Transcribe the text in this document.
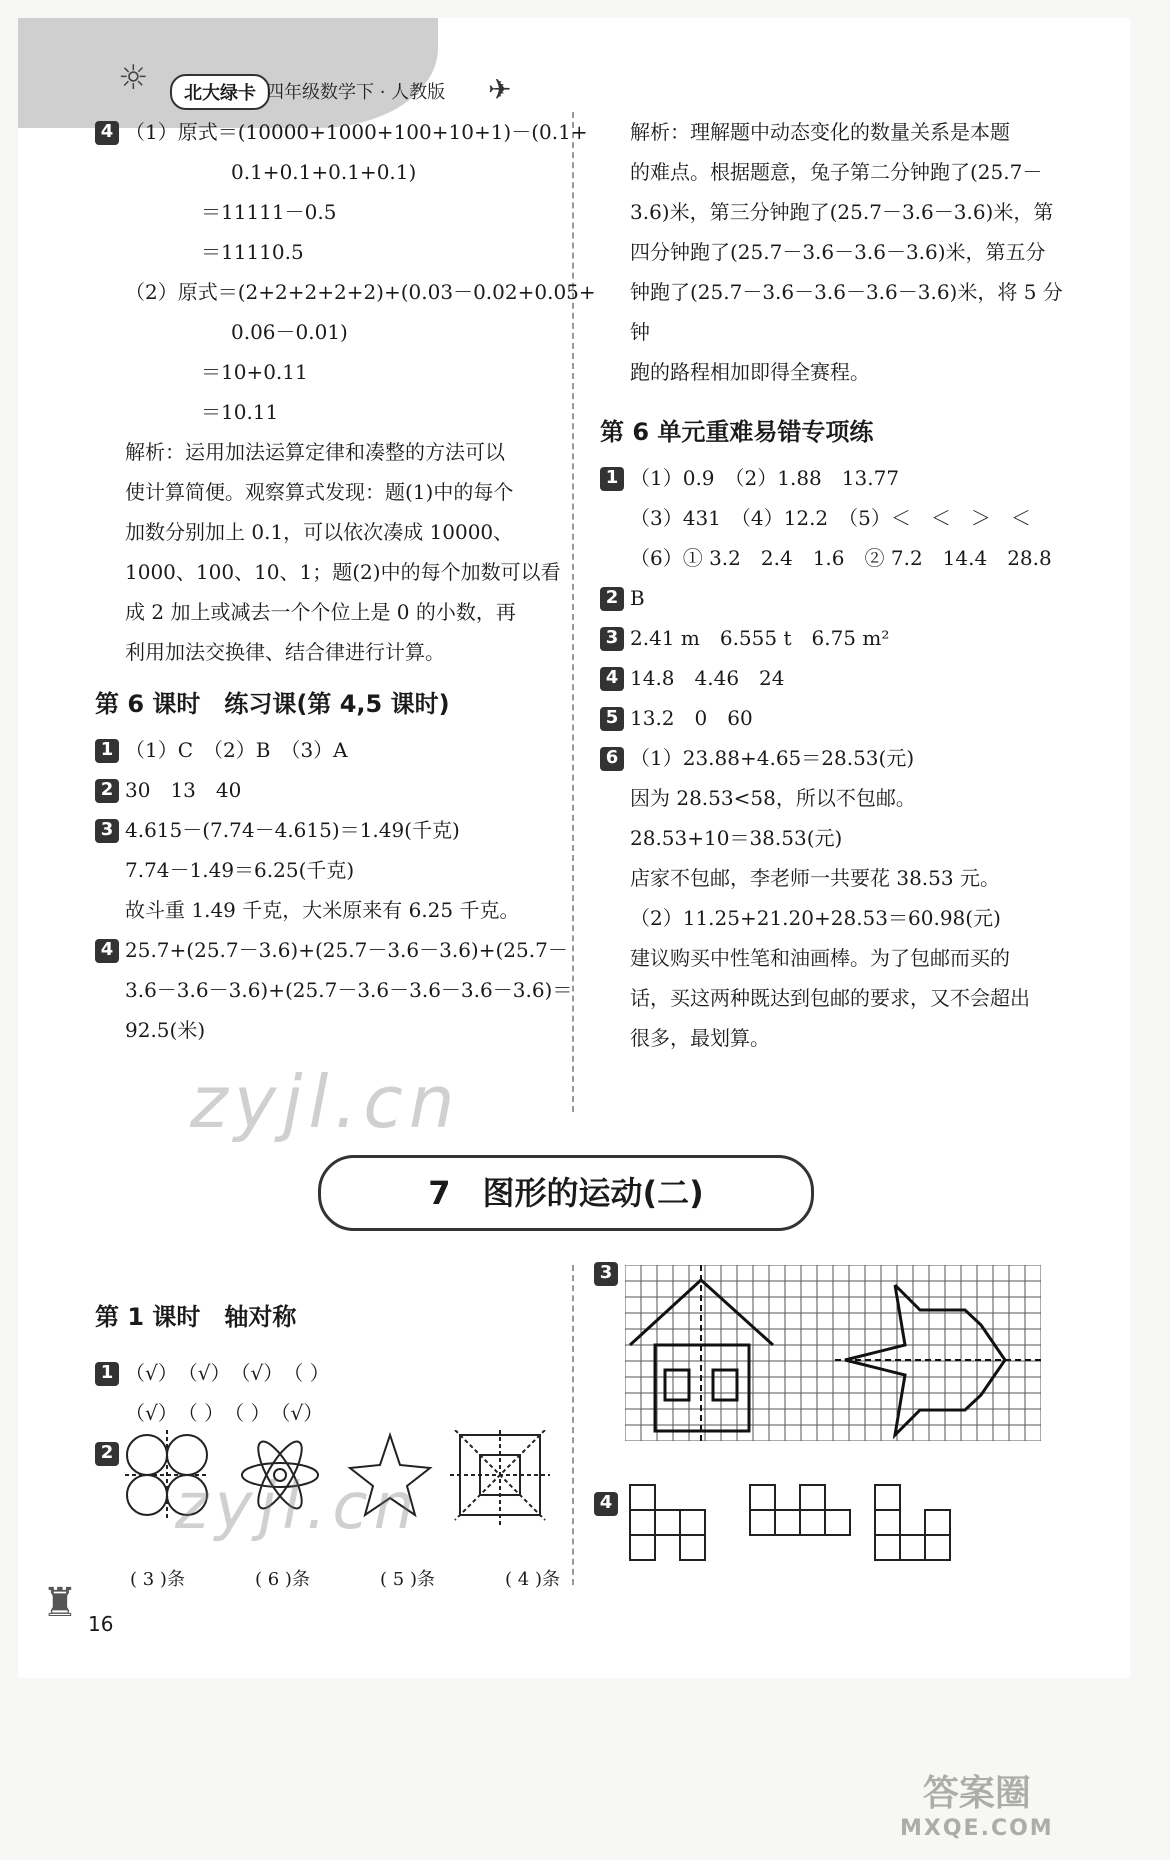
☼	北大绿卡 四年级数学下 · 人教版 ✈
4 （1）原式＝(10000+1000+100+10+1)－(0.1+
0.1+0.1+0.1+0.1)
＝11111－0.5
＝11110.5
（2）原式＝(2+2+2+2+2)+(0.03－0.02+0.05+
0.06－0.01)
＝10+0.11
＝10.11
解析：运用加法运算定律和凑整的方法可以
使计算简便。观察算式发现：题(1)中的每个
加数分别加上 0.1，可以依次凑成 10000、
1000、100、10、1；题(2)中的每个加数可以看
成 2 加上或减去一个个位上是 0 的小数，再
利用加法交换律、结合律进行计算。
第 6 课时　练习课(第 4,5 课时)
1 （1）C　（2）B　（3）A
2 30　13　40
3 4.615－(7.74－4.615)＝1.49(千克)
7.74－1.49＝6.25(千克)
故斗重 1.49 千克，大米原来有 6.25 千克。
4 25.7+(25.7－3.6)+(25.7－3.6－3.6)+(25.7－
3.6－3.6－3.6)+(25.7－3.6－3.6－3.6－3.6)＝
92.5(米)
解析：理解题中动态变化的数量关系是本题
的难点。根据题意，兔子第二分钟跑了(25.7－
3.6)米，第三分钟跑了(25.7－3.6－3.6)米，第
四分钟跑了(25.7－3.6－3.6－3.6)米，第五分
钟跑了(25.7－3.6－3.6－3.6－3.6)米，将 5 分钟
跑的路程相加即得全赛程。
第 6 单元重难易错专项练
1 （1）0.9　（2）1.88　13.77
（3）431　（4）12.2　（5）＜　＜　＞　＜
（6）① 3.2　2.4　1.6　② 7.2　14.4　28.8
2 B
3 2.41 m　6.555 t　6.75 m²
4 14.8　4.46　24
5 13.2　0　60
6 （1）23.88+4.65＝28.53(元)
因为 28.53<58，所以不包邮。
28.53+10＝38.53(元)
店家不包邮，李老师一共要花 38.53 元。
（2）11.25+21.20+28.53＝60.98(元)
建议购买中性笔和油画棒。为了包邮而买的
话，买这两种既达到包邮的要求，又不会超出
很多，最划算。
zyjl.cn
7　图形的运动(二)
第 1 课时　轴对称
1 （√）　（√）　（√）　（ ）
（√）　（ ）　（ ）　（√）
2
zyjl.cn
( 3 )条	( 6 )条	( 5 )条	( 4 )条
3
4
♜ 16
答案圈
MXQE.COM
